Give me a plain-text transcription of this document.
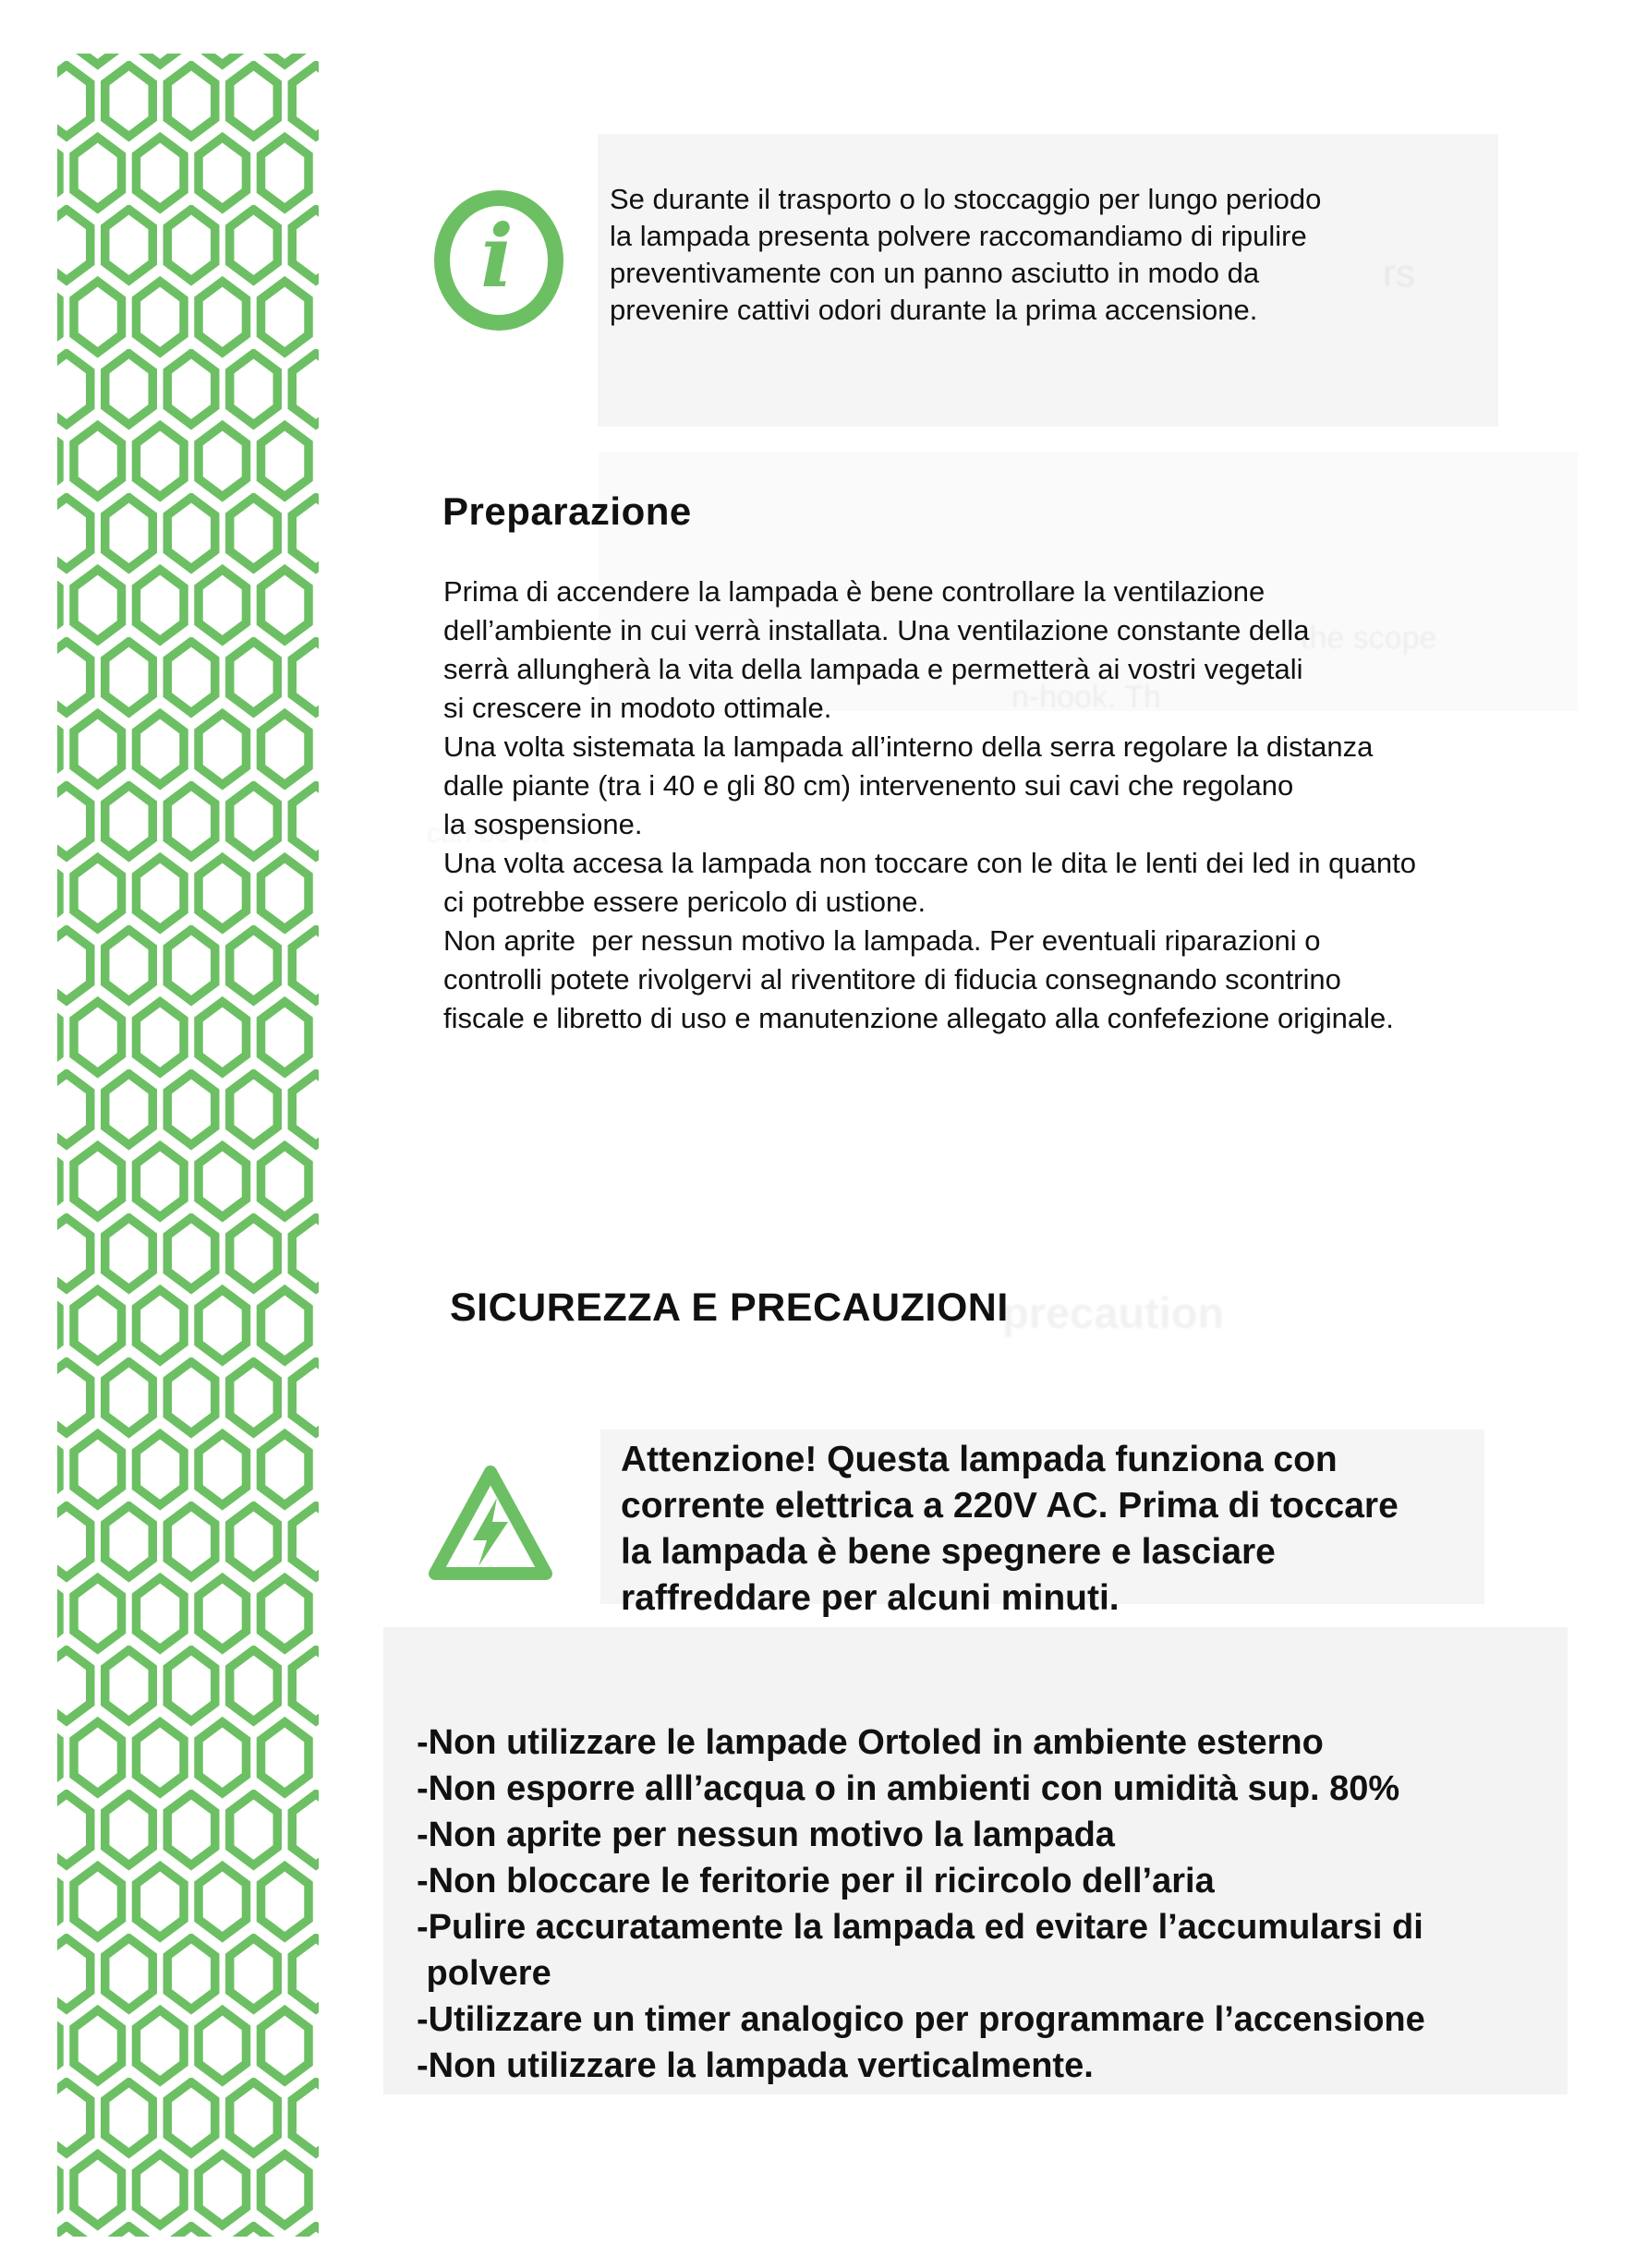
rs
the scope
n-hook. Th
precaution
i
Se durante il trasporto o lo stoccaggio per lungo periodo
la lampada presenta polvere raccomandiamo di ripulire
preventivamente con un panno asciutto in modo da
prevenire cattivi odori durante la prima accensione.
Preparazione
Prima di accendere la lampada è bene controllare la ventilazione
dell’ambiente in cui verrà installata. Una ventilazione constante della
serrà allungherà la vita della lampada e permetterà ai vostri vegetali
si crescere in modoto ottimale.
Una volta sistemata la lampada all’interno della serra regolare la distanza
dalle piante (tra i 40 e gli 80 cm) intervenento sui cavi che regolano
la sospensione.
Una volta accesa la lampada non toccare con le dita le lenti dei led in quanto
ci potrebbe essere pericolo di ustione.
Non aprite  per nessun motivo la lampada. Per eventuali riparazioni o
controlli potete rivolgervi al riventitore di fiducia consegnando scontrino
fiscale e libretto di uso e manutenzione allegato alla confefezione originale.
SICUREZZA E PRECAUZIONI
Attenzione! Questa lampada funziona con
corrente elettrica a 220V AC. Prima di toccare
la lampada è bene spegnere e lasciare
raffreddare per alcuni minuti.
-Non utilizzare le lampade Ortoled in ambiente esterno
-Non esporre alll’acqua o in ambienti con umidità sup. 80%
-Non aprite per nessun motivo la lampada
-Non bloccare le feritorie per il ricircolo dell’aria
-Pulire accuratamente la lampada ed evitare l’accumularsi di
polvere
-Utilizzare un timer analogico per programmare l’accensione
-Non utilizzare la lampada verticalmente.
